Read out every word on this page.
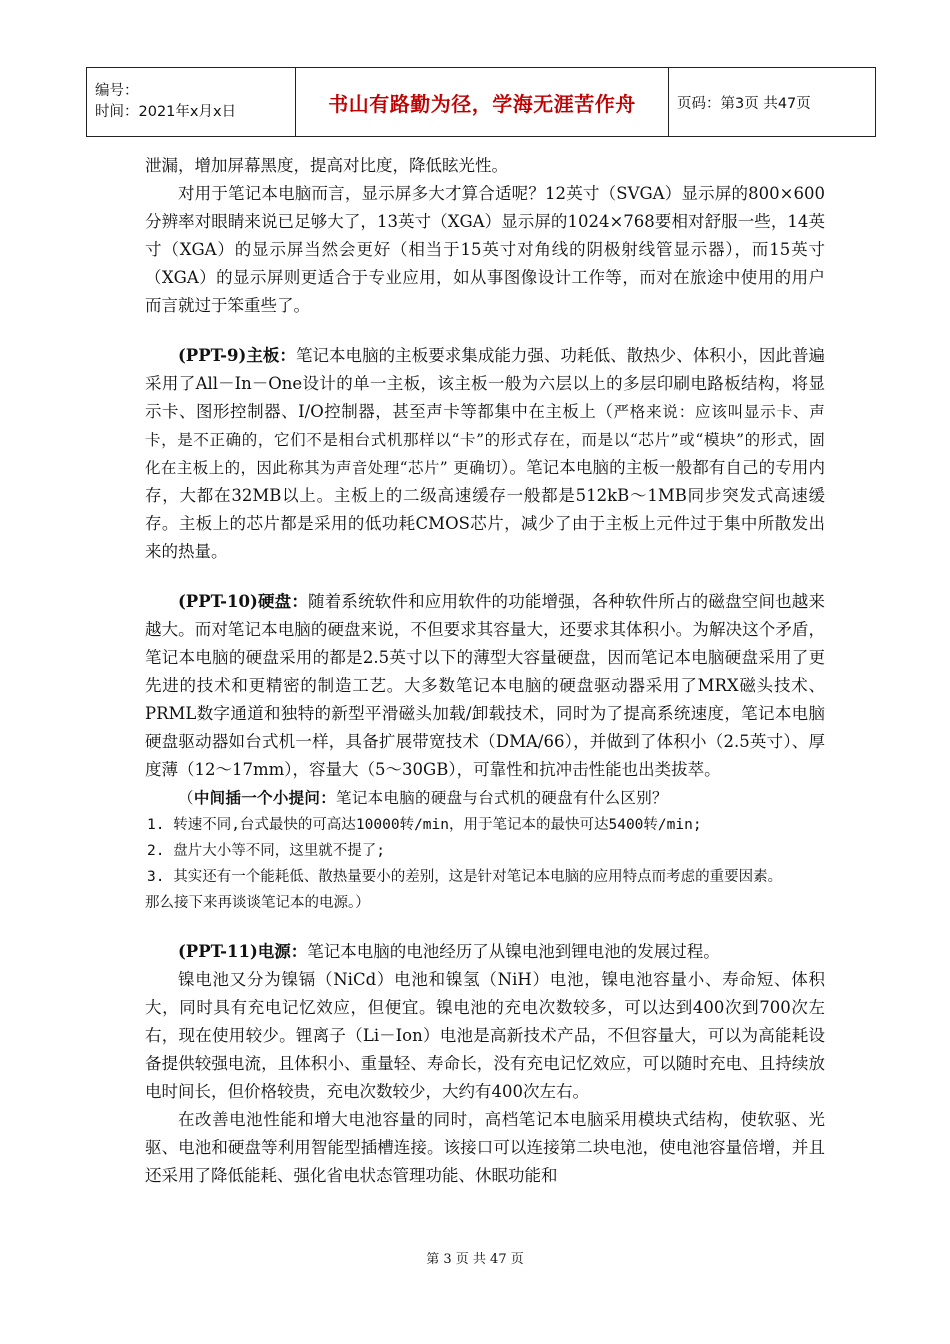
编号：
时间：2021年x月x日	书山有路勤为径，学海无涯苦作舟	页码：第3页 共47页

泄漏，增加屏幕黑度，提高对比度，降低眩光性。

对用于笔记本电脑而言，显示屏多大才算合适呢？12英寸（SVGA）显示屏的800×600分辨率对眼睛来说已足够大了，13英寸（XGA）显示屏的1024×768要相对舒服一些，14英寸（XGA）的显示屏当然会更好（相当于15英寸对角线的阴极射线管显示器），而15英寸（XGA）的显示屏则更适合于专业应用，如从事图像设计工作等，而对在旅途中使用的用户而言就过于笨重些了。

(PPT-9)主板：笔记本电脑的主板要求集成能力强、功耗低、散热少、体积小，因此普遍采用了All－In－One设计的单一主板，该主板一般为六层以上的多层印刷电路板结构，将显示卡、图形控制器、I/O控制器，甚至声卡等都集中在主板上（严格来说：应该叫显示卡、声卡，是不正确的，它们不是相台式机那样以“卡”的形式存在，而是以“芯片”或“模块”的形式，固化在主板上的，因此称其为声音处理“芯片” 更确切）。笔记本电脑的主板一般都有自己的专用内存，大都在32MB以上。主板上的二级高速缓存一般都是512kB～1MB同步突发式高速缓存。主板上的芯片都是采用的低功耗CMOS芯片，减少了由于主板上元件过于集中所散发出来的热量。

(PPT-10)硬盘：随着系统软件和应用软件的功能增强，各种软件所占的磁盘空间也越来越大。而对笔记本电脑的硬盘来说，不但要求其容量大，还要求其体积小。为解决这个矛盾，笔记本电脑的硬盘采用的都是2.5英寸以下的薄型大容量硬盘，因而笔记本电脑硬盘采用了更先进的技术和更精密的制造工艺。大多数笔记本电脑的硬盘驱动器采用了MRX磁头技术、PRML数字通道和独特的新型平滑磁头加载/卸载技术，同时为了提高系统速度，笔记本电脑硬盘驱动器如台式机一样，具备扩展带宽技术（DMA/66），并做到了体积小（2.5英寸）、厚度薄（12～17mm），容量大（5～30GB），可靠性和抗冲击性能也出类拔萃。

（中间插一个小提问：笔记本电脑的硬盘与台式机的硬盘有什么区别？

1. 转速不同,台式最快的可高达10000转/min，用于笔记本的最快可达5400转/min;

2. 盘片大小等不同，这里就不提了;

3. 其实还有一个能耗低、散热量要小的差别，这是针对笔记本电脑的应用特点而考虑的重要因素。

那么接下来再谈谈笔记本的电源。）

(PPT-11)电源：笔记本电脑的电池经历了从镍电池到锂电池的发展过程。

镍电池又分为镍镉（NiCd）电池和镍氢（NiH）电池，镍电池容量小、寿命短、体积大，同时具有充电记忆效应，但便宜。镍电池的充电次数较多，可以达到400次到700次左右，现在使用较少。锂离子（Li－Ion）电池是高新技术产品，不但容量大，可以为高能耗设备提供较强电流，且体积小、重量轻、寿命长，没有充电记忆效应，可以随时充电、且持续放电时间长，但价格较贵，充电次数较少，大约有400次左右。

在改善电池性能和增大电池容量的同时，高档笔记本电脑采用模块式结构，使软驱、光驱、电池和硬盘等利用智能型插槽连接。该接口可以连接第二块电池，使电池容量倍增，并且还采用了降低能耗、强化省电状态管理功能、休眠功能和

第 3 页 共 47 页
